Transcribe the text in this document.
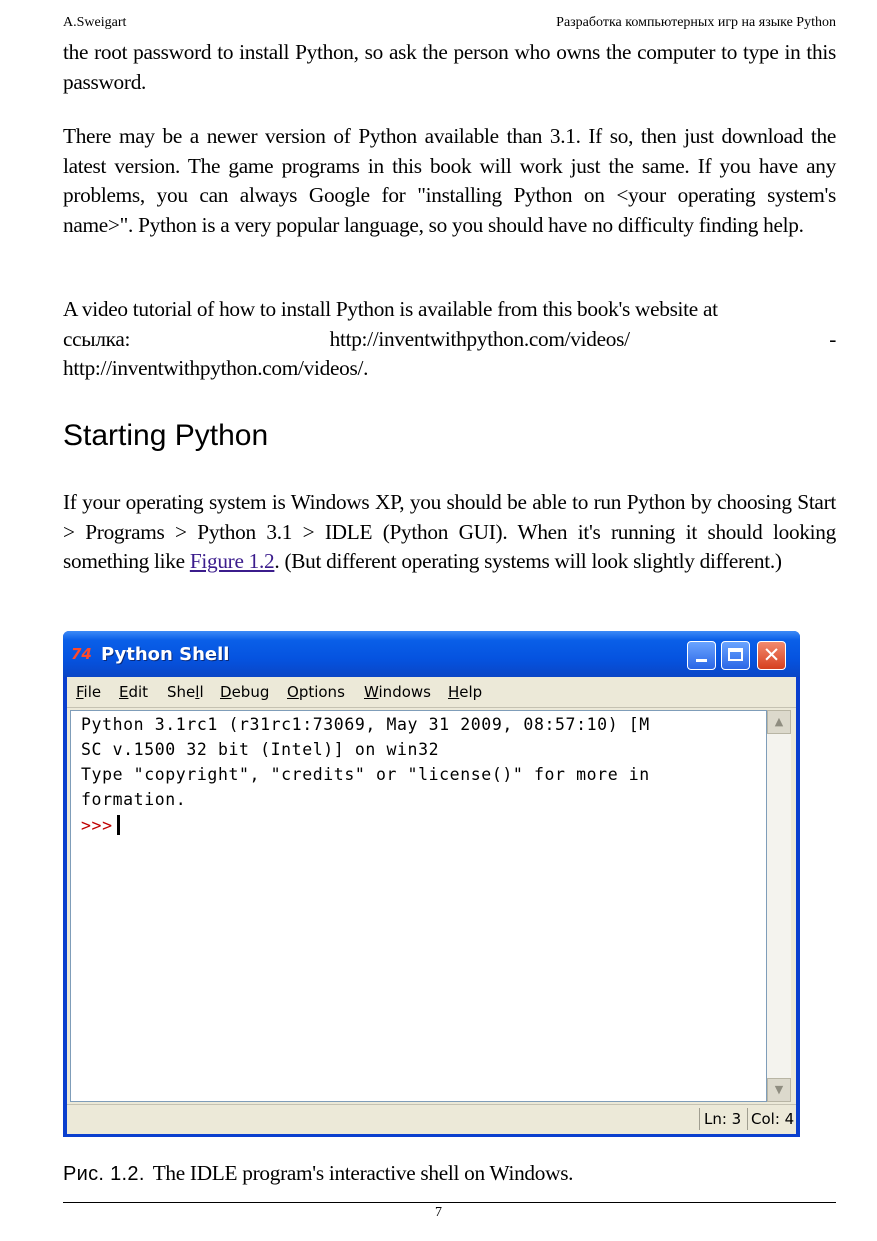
A.Sweigart	Разработка компьютерных игр на языке Python

the root password to install Python, so ask the person who owns the computer to type in this password.

There may be a newer version of Python available than 3.1. If so, then just download the latest version. The game programs in this book will work just the same. If you have any problems, you can always Google for "installing Python on <your operating system's name>". Python is a very popular language, so you should have no difficulty finding help.

A video tutorial of how to install Python is available from this book's website at
ссылка:	http://inventwithpython.com/videos/	-
http://inventwithpython.com/videos/.
Starting Python

If your operating system is Windows XP, you should be able to run Python by choosing Start > Programs > Python 3.1 > IDLE (Python GUI). When it's running it should looking something like Figure 1.2. (But different operating systems will look slightly different.)

74 Python Shell	✕
File Edit Shell Debug Options Windows Help
Python 3.1rc1 (r31rc1:73069, May 31 2009, 08:57:10) [M
SC v.1500 32 bit (Intel)] on win32
Type "copyright", "credits" or "license()" for more in
formation.
>>>
▲
▼
Ln: 3 Col: 4

Рис. 1.2. The IDLE program's interactive shell on Windows.

7
